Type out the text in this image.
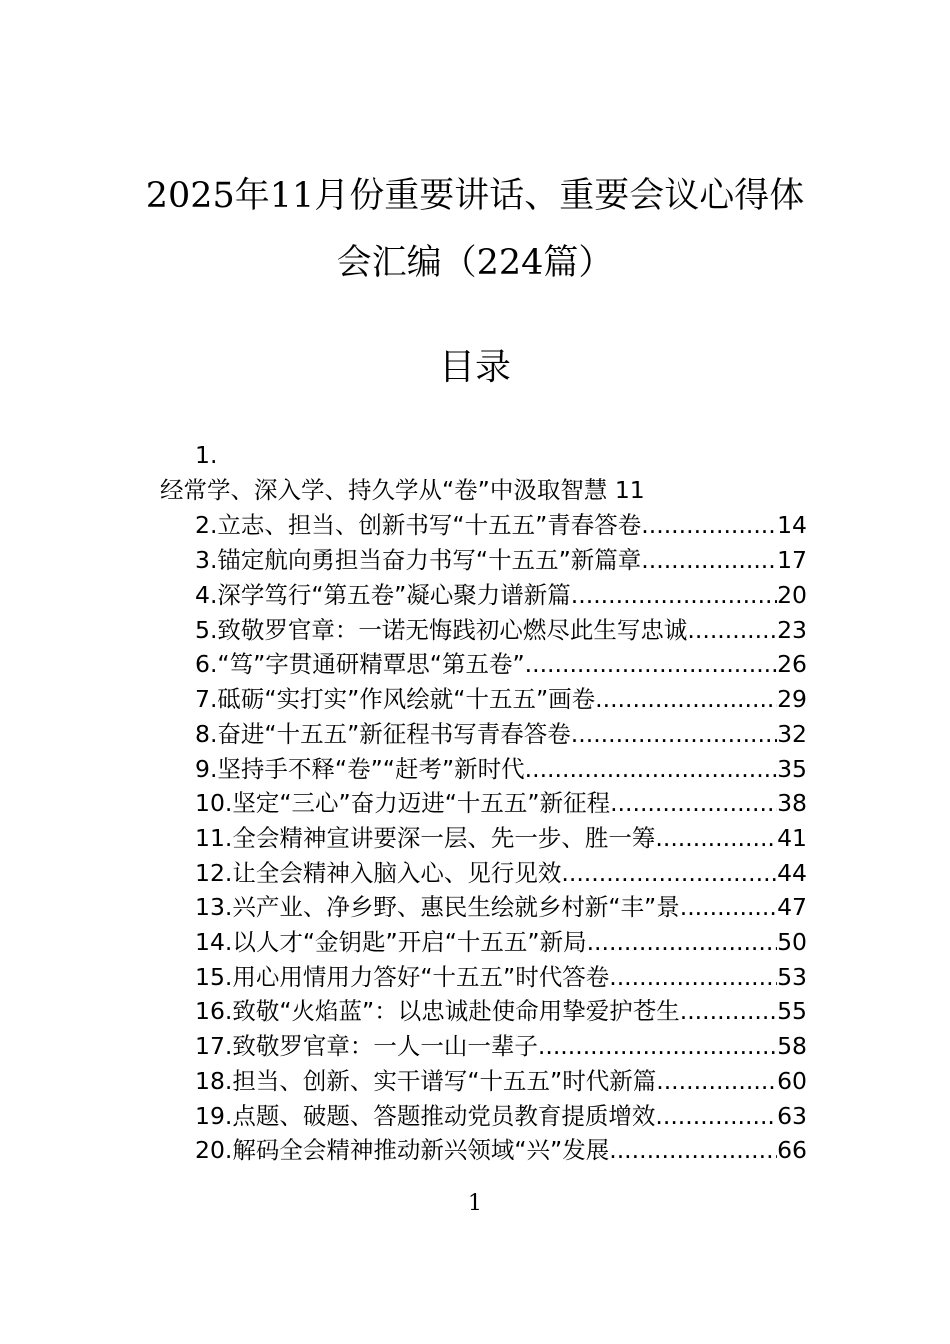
2025年11月份重要讲话、重要会议心得体
会汇编（224篇）
目录
1.
经常学、深入学、持久学从“卷”中汲取智慧 11
2.立志、担当、创新书写“十五五”青春答卷 .....	14
3.锚定航向勇担当奋力书写“十五五”新篇章 .....	17
4.深学笃行“第五卷”凝心聚力谱新篇 .....	20
5.致敬罗官章：一诺无悔践初心燃尽此生写忠诚 .....	23
6.“笃”字贯通研精覃思“第五卷” .....	26
7.砥砺“实打实”作风绘就“十五五”画卷 .....	29
8.奋进“十五五”新征程书写青春答卷 .....	32
9.坚持手不释“卷”“赶考”新时代 .....	35
10.坚定“三心”奋力迈进“十五五”新征程 .....	38
11.全会精神宣讲要深一层、先一步、胜一筹 .....	41
12.让全会精神入脑入心、见行见效 .....	44
13.兴产业、净乡野、惠民生绘就乡村新“丰”景 .....	47
14.以人才“金钥匙”开启“十五五”新局 .....	50
15.用心用情用力答好“十五五”时代答卷 .....	53
16.致敬“火焰蓝”：以忠诚赴使命用挚爱护苍生 .....	55
17.致敬罗官章：一人一山一辈子 .....	58
18.担当、创新、实干谱写“十五五”时代新篇 .....	60
19.点题、破题、答题推动党员教育提质增效 .....	63
20.解码全会精神推动新兴领域“兴”发展 .....	66
1
